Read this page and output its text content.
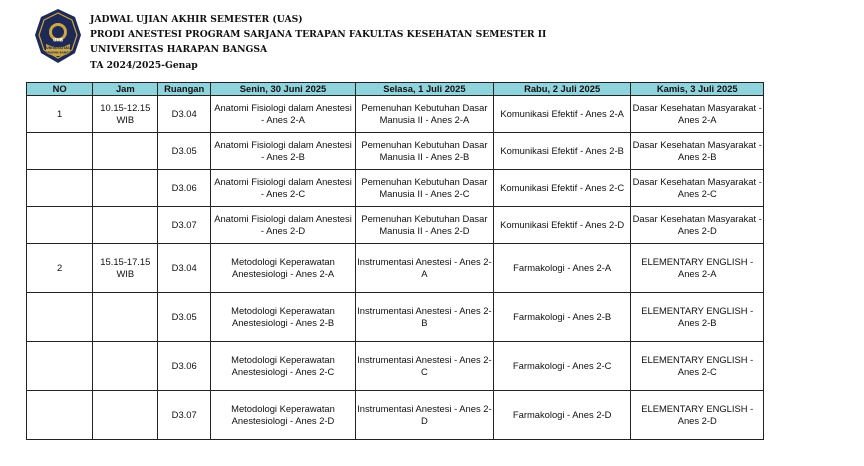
UHB
UNIVERSITAS
HARAPAN BANGSA
JADWAL UJIAN AKHIR SEMESTER (UAS)
PRODI ANESTESI PROGRAM SARJANA TERAPAN FAKULTAS KESEHATAN SEMESTER II
UNIVERSITAS HARAPAN BANGSA
TA 2024/2025-Genap
NO	Jam	Ruangan	Senin, 30 Juni 2025	Selasa, 1 Juli 2025	Rabu, 2 Juli 2025	Kamis, 3 Juli 2025
1	10.15-12.15 WIB	D3.04	Anatomi Fisiologi dalam Anestesi - Anes 2-A	Pemenuhan Kebutuhan Dasar Manusia II - Anes 2-A	Komunikasi Efektif - Anes 2-A	Dasar Kesehatan Masyarakat - Anes 2-A
		D3.05	Anatomi Fisiologi dalam Anestesi - Anes 2-B	Pemenuhan Kebutuhan Dasar Manusia II - Anes 2-B	Komunikasi Efektif - Anes 2-B	Dasar Kesehatan Masyarakat - Anes 2-B
		D3.06	Anatomi Fisiologi dalam Anestesi - Anes 2-C	Pemenuhan Kebutuhan Dasar Manusia II - Anes 2-C	Komunikasi Efektif - Anes 2-C	Dasar Kesehatan Masyarakat - Anes 2-C
		D3.07	Anatomi Fisiologi dalam Anestesi - Anes 2-D	Pemenuhan Kebutuhan Dasar Manusia II - Anes 2-D	Komunikasi Efektif - Anes 2-D	Dasar Kesehatan Masyarakat - Anes 2-D
2	15.15-17.15 WIB	D3.04	Metodologi Keperawatan Anestesiologi - Anes 2-A	Instrumentasi Anestesi - Anes 2-A	Farmakologi - Anes 2-A	ELEMENTARY ENGLISH - Anes 2-A
		D3.05	Metodologi Keperawatan Anestesiologi - Anes 2-B	Instrumentasi Anestesi - Anes 2-B	Farmakologi - Anes 2-B	ELEMENTARY ENGLISH - Anes 2-B
		D3.06	Metodologi Keperawatan Anestesiologi - Anes 2-C	Instrumentasi Anestesi - Anes 2-C	Farmakologi - Anes 2-C	ELEMENTARY ENGLISH - Anes 2-C
		D3.07	Metodologi Keperawatan Anestesiologi - Anes 2-D	Instrumentasi Anestesi - Anes 2-D	Farmakologi - Anes 2-D	ELEMENTARY ENGLISH - Anes 2-D
